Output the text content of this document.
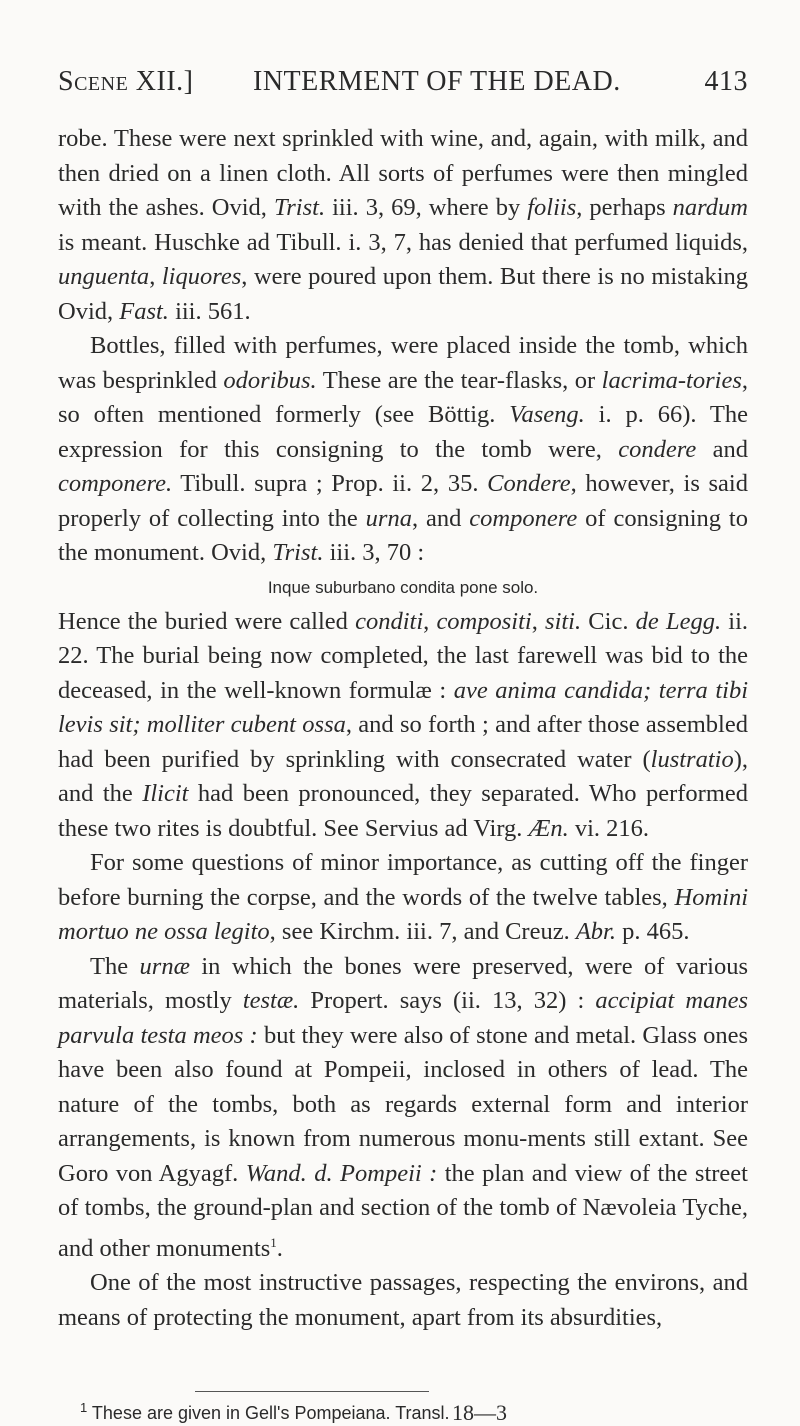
Scene XII.] INTERMENT OF THE DEAD.	413

robe. These were next sprinkled with wine, and, again, with milk, and then dried on a linen cloth. All sorts of perfumes were then mingled with the ashes. Ovid, Trist. iii. 3, 69, where by foliis, perhaps nardum is meant. Huschke ad Tibull. i. 3, 7, has denied that perfumed liquids, unguenta, liquores, were poured upon them. But there is no mistaking Ovid, Fast. iii. 561.

Bottles, filled with perfumes, were placed inside the tomb, which was besprinkled odoribus. These are the tear-flasks, or lacrima-tories, so often mentioned formerly (see Böttig. Vaseng. i. p. 66). The expression for this consigning to the tomb were, condere and componere. Tibull. supra ; Prop. ii. 2, 35. Condere, however, is said properly of collecting into the urna, and componere of consigning to the monument. Ovid, Trist. iii. 3, 70 :

Inque suburbano condita pone solo.

Hence the buried were called conditi, compositi, siti. Cic. de Legg. ii. 22. The burial being now completed, the last farewell was bid to the deceased, in the well-known formulæ : ave anima candida; terra tibi levis sit; molliter cubent ossa, and so forth ; and after those assembled had been purified by sprinkling with consecrated water (lustratio), and the Ilicit had been pronounced, they separated. Who performed these two rites is doubtful. See Servius ad Virg. Æn. vi. 216.

For some questions of minor importance, as cutting off the finger before burning the corpse, and the words of the twelve tables, Homini mortuo ne ossa legito, see Kirchm. iii. 7, and Creuz. Abr. p. 465.

The urnæ in which the bones were preserved, were of various materials, mostly testæ. Propert. says (ii. 13, 32) : accipiat manes parvula testa meos : but they were also of stone and metal. Glass ones have been also found at Pompeii, inclosed in others of lead. The nature of the tombs, both as regards external form and interior arrangements, is known from numerous monu-ments still extant. See Goro von Agyagf. Wand. d. Pompeii : the plan and view of the street of tombs, the ground-plan and section of the tomb of Nævoleia Tyche, and other monuments$^1$.

One of the most instructive passages, respecting the environs, and means of protecting the monument, apart from its absurdities,

$^1$ These are given in Gell's Pompeiana. Transl. 18—3
